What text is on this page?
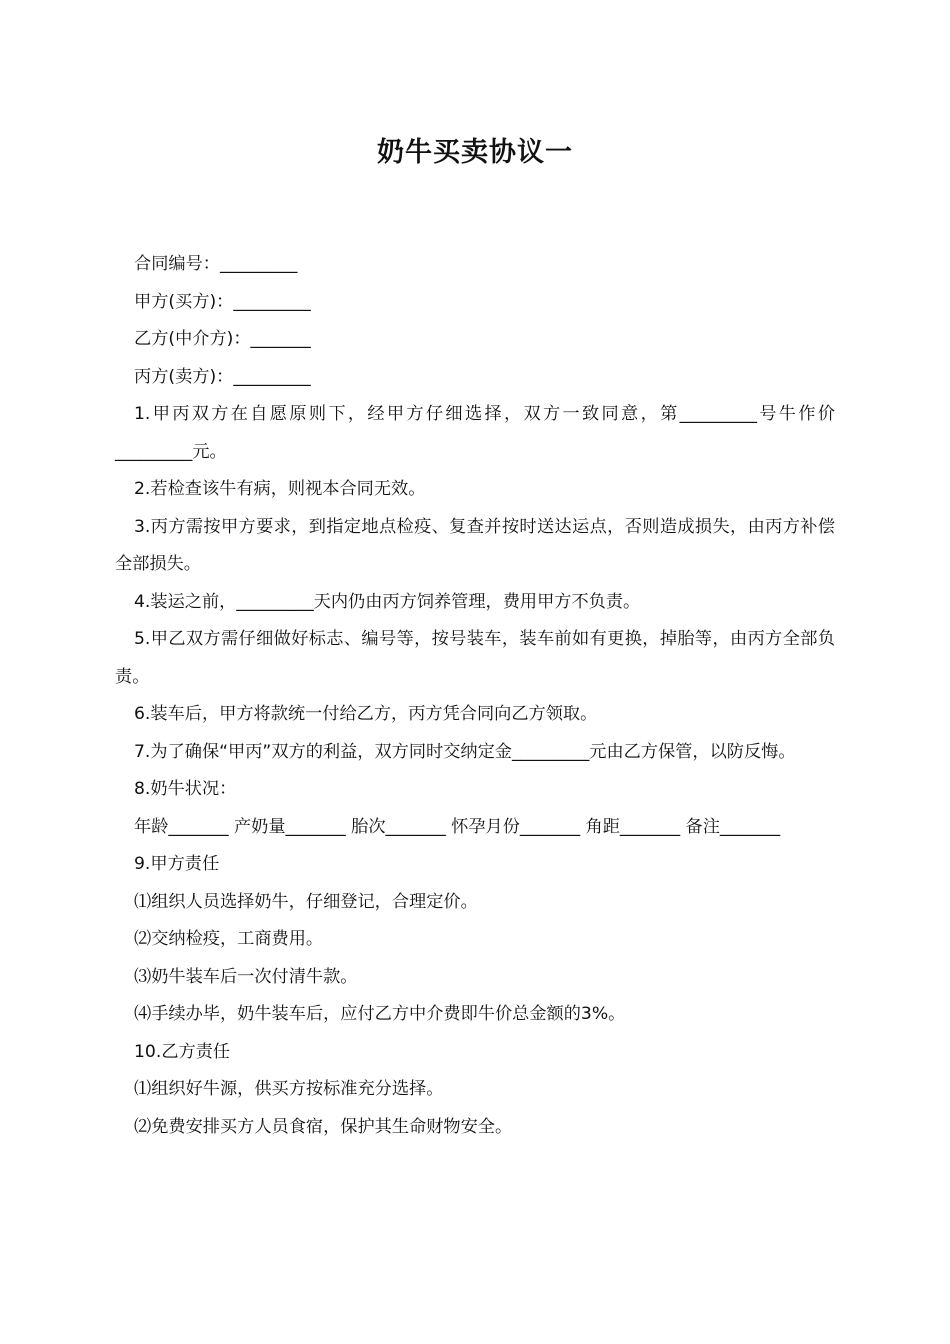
奶牛买卖协议一

合同编号：_________

甲方(买方)：_________

乙方(中介方)：_______

丙方(卖方)：_________

1.甲丙双方在自愿原则下，经甲方仔细选择，双方一致同意，第_________号牛作价_________元。

2.若检查该牛有病，则视本合同无效。

3.丙方需按甲方要求，到指定地点检疫、复查并按时送达运点，否则造成损失，由丙方补偿全部损失。

4.装运之前，_________天内仍由丙方饲养管理，费用甲方不负责。

5.甲乙双方需仔细做好标志、编号等，按号装车，装车前如有更换，掉胎等，由丙方全部负责。

6.装车后，甲方将款统一付给乙方，丙方凭合同向乙方领取。

7.为了确保“甲丙”双方的利益，双方同时交纳定金_________元由乙方保管，以防反悔。

8.奶牛状况：

年龄_______ 产奶量_______ 胎次_______ 怀孕月份_______ 角距_______ 备注_______

9.甲方责任

⑴组织人员选择奶牛，仔细登记，合理定价。

⑵交纳检疫，工商费用。

⑶奶牛装车后一次付清牛款。

⑷手续办毕，奶牛装车后，应付乙方中介费即牛价总金额的3%。

10.乙方责任

⑴组织好牛源，供买方按标准充分选择。

⑵免费安排买方人员食宿，保护其生命财物安全。
